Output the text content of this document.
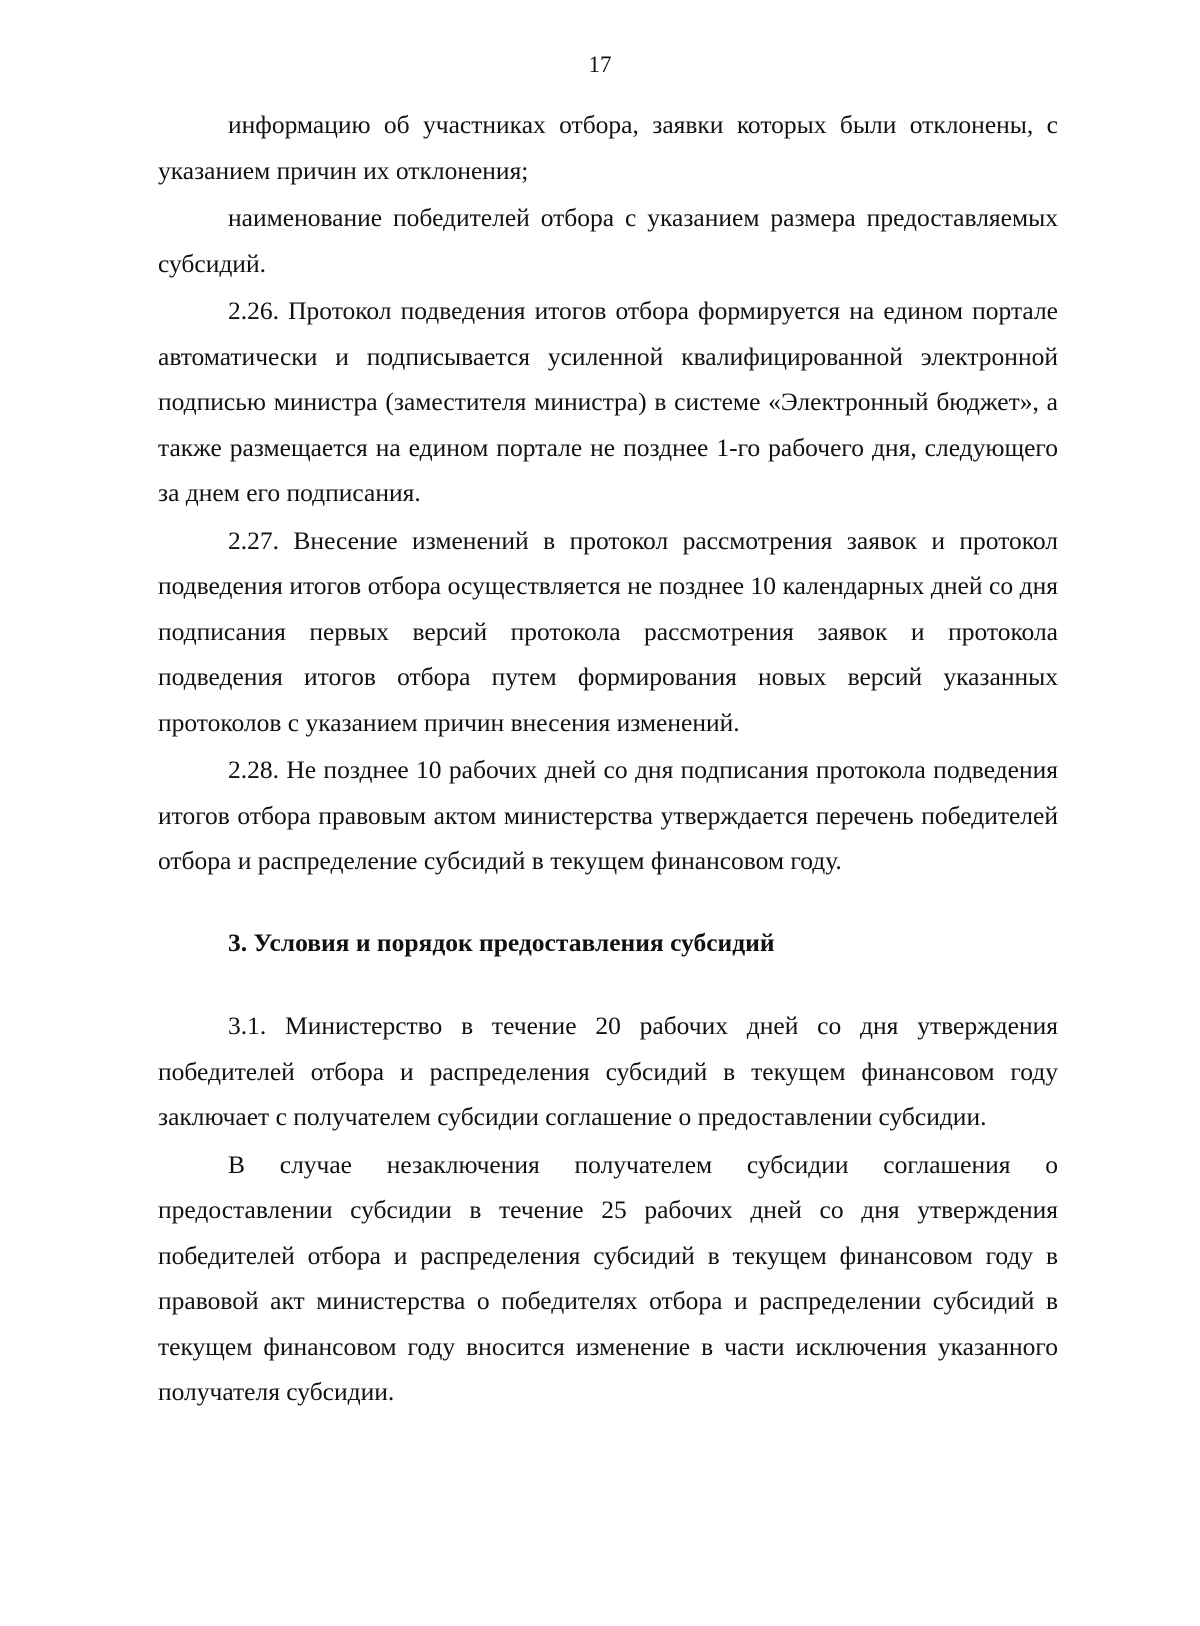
17

информацию об участниках отбора, заявки которых были отклонены, с указанием причин их отклонения;

наименование победителей отбора с указанием размера предоставляемых субсидий.

2.26. Протокол подведения итогов отбора формируется на едином портале автоматически и подписывается усиленной квалифицированной электронной подписью министра (заместителя министра) в системе «Электронный бюджет», а также размещается на едином портале не позднее 1-го рабочего дня, следующего за днем его подписания.

2.27. Внесение изменений в протокол рассмотрения заявок и протокол подведения итогов отбора осуществляется не позднее 10 календарных дней со дня подписания первых версий протокола рассмотрения заявок и протокола подведения итогов отбора путем формирования новых версий указанных протоколов с указанием причин внесения изменений.

2.28. Не позднее 10 рабочих дней со дня подписания протокола подведения итогов отбора правовым актом министерства утверждается перечень победителей отбора и распределение субсидий в текущем финансовом году.

3. Условия и порядок предоставления субсидий

3.1. Министерство в течение 20 рабочих дней со дня утверждения победителей отбора и распределения субсидий в текущем финансовом году заключает с получателем субсидии соглашение о предоставлении субсидии.

В случае незаключения получателем субсидии соглашения о предоставлении субсидии в течение 25 рабочих дней со дня утверждения победителей отбора и распределения субсидий в текущем финансовом году в правовой акт министерства о победителях отбора и распределении субсидий в текущем финансовом году вносится изменение в части исключения указанного получателя субсидии.
